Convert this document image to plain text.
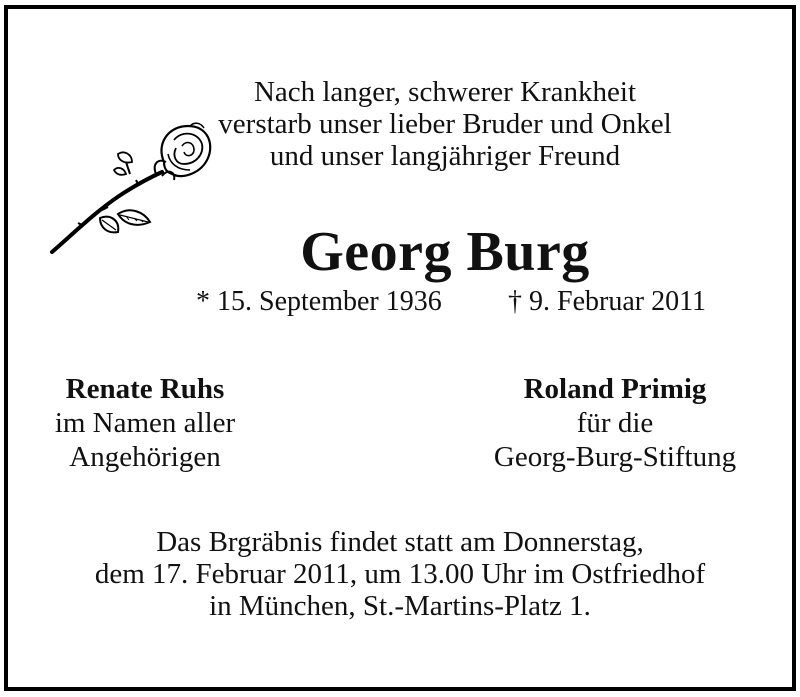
Nach langer, schwerer Krankheit
verstarb unser lieber Bruder und Onkel
und unser langjähriger Freund
Georg Burg
* 15. September 1936 † 9. Februar 2011
Renate Ruhs
im Namen aller
Angehörigen
Roland Primig
für die
Georg-Burg-Stiftung
Das Brgräbnis findet statt am Donnerstag,
dem 17. Februar 2011, um 13.00 Uhr im Ostfriedhof
in München, St.-Martins-Platz 1.
